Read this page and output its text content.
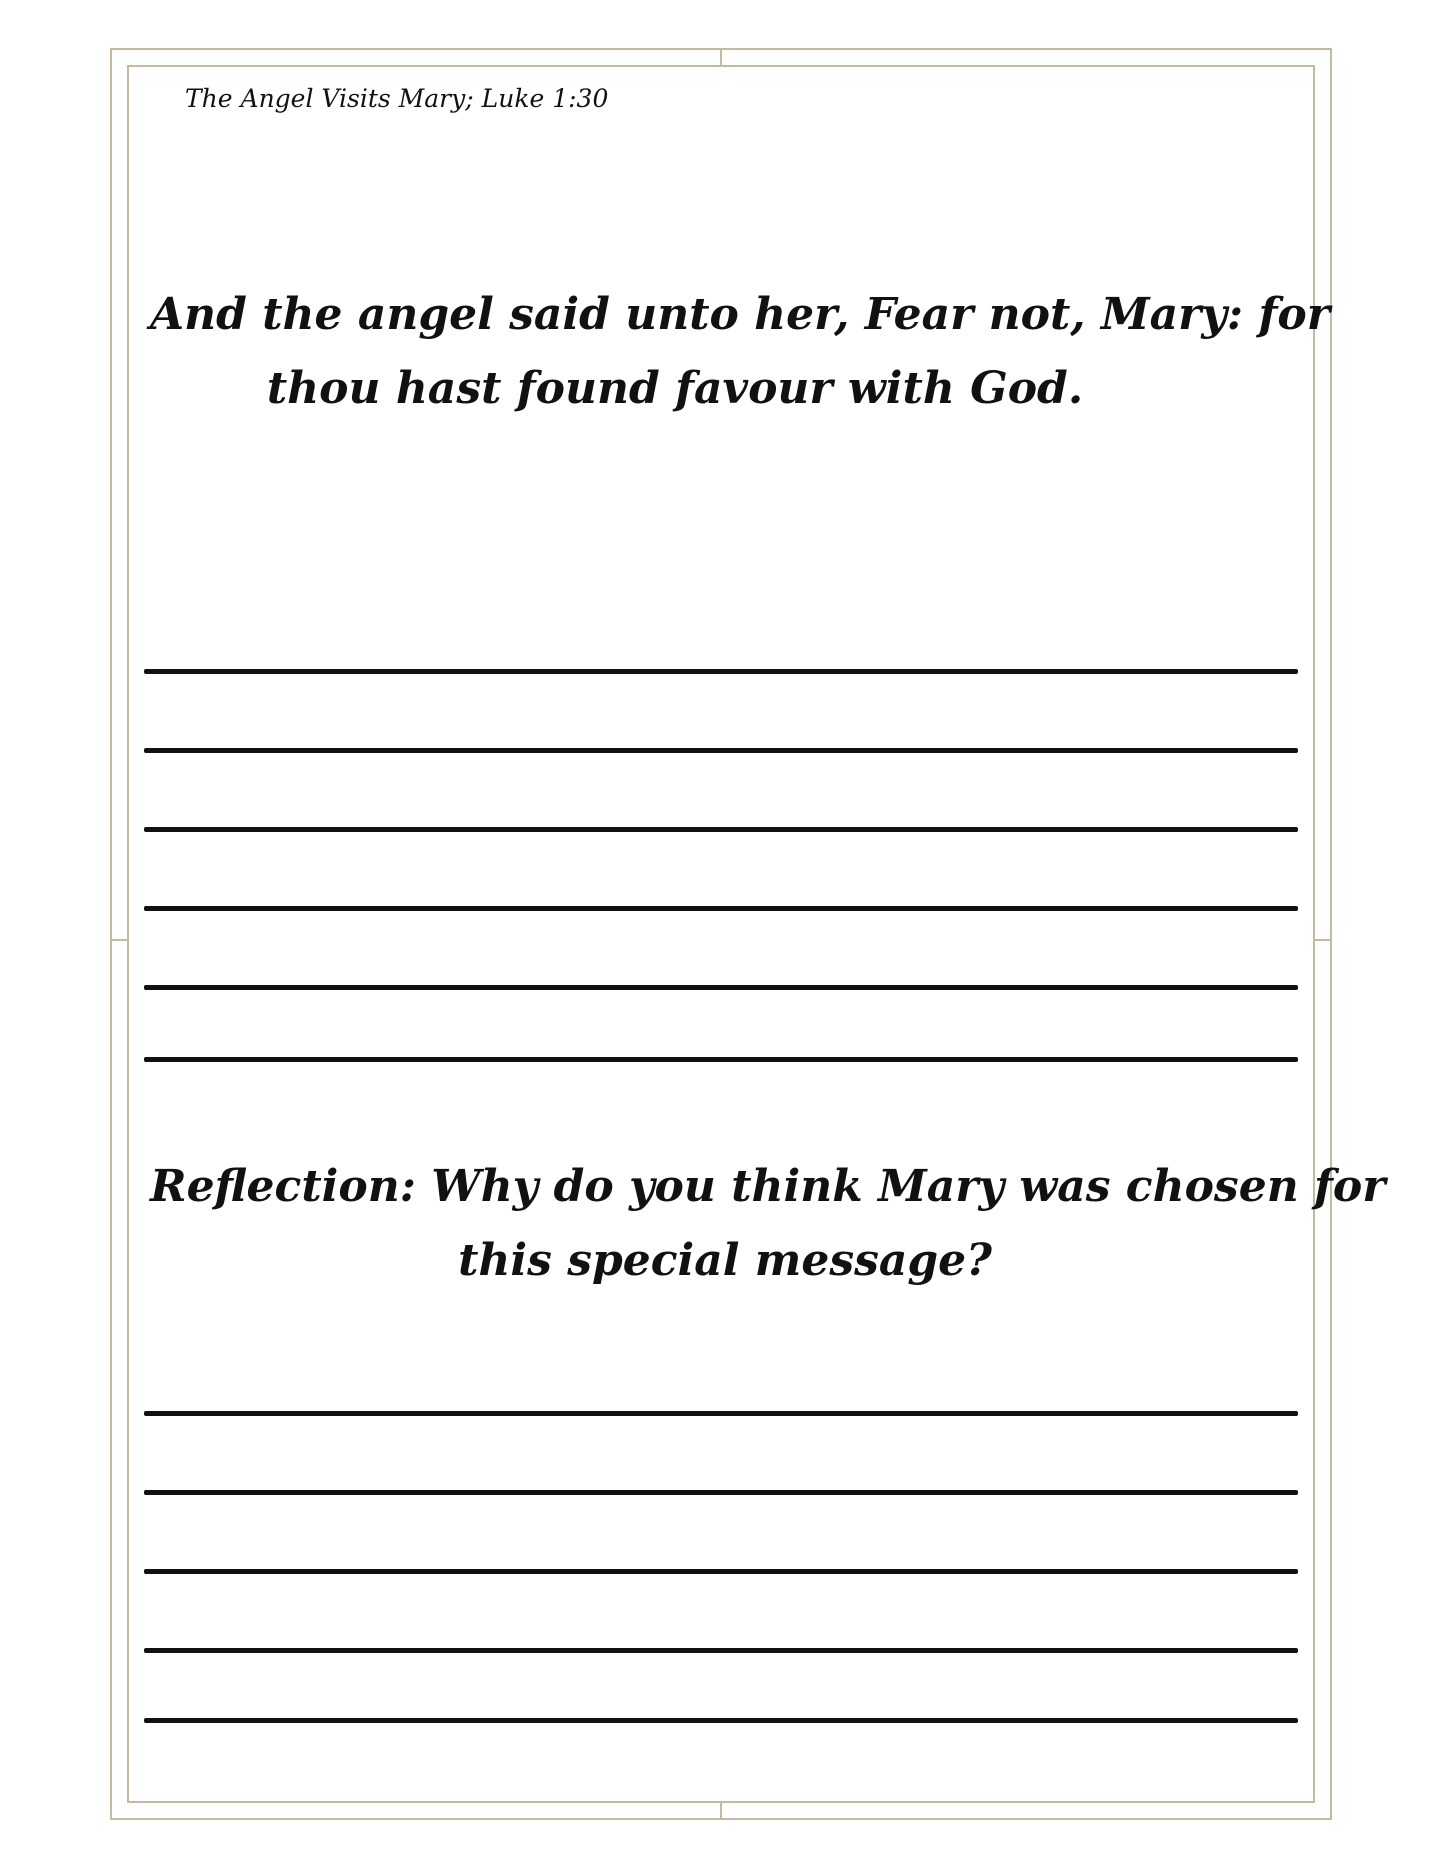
The Angel Visits Mary; Luke 1:30
And the angel said unto her, Fear not, Mary: for
thou hast found favour with God.
Reflection: Why do you think Mary was chosen for
this special message?
